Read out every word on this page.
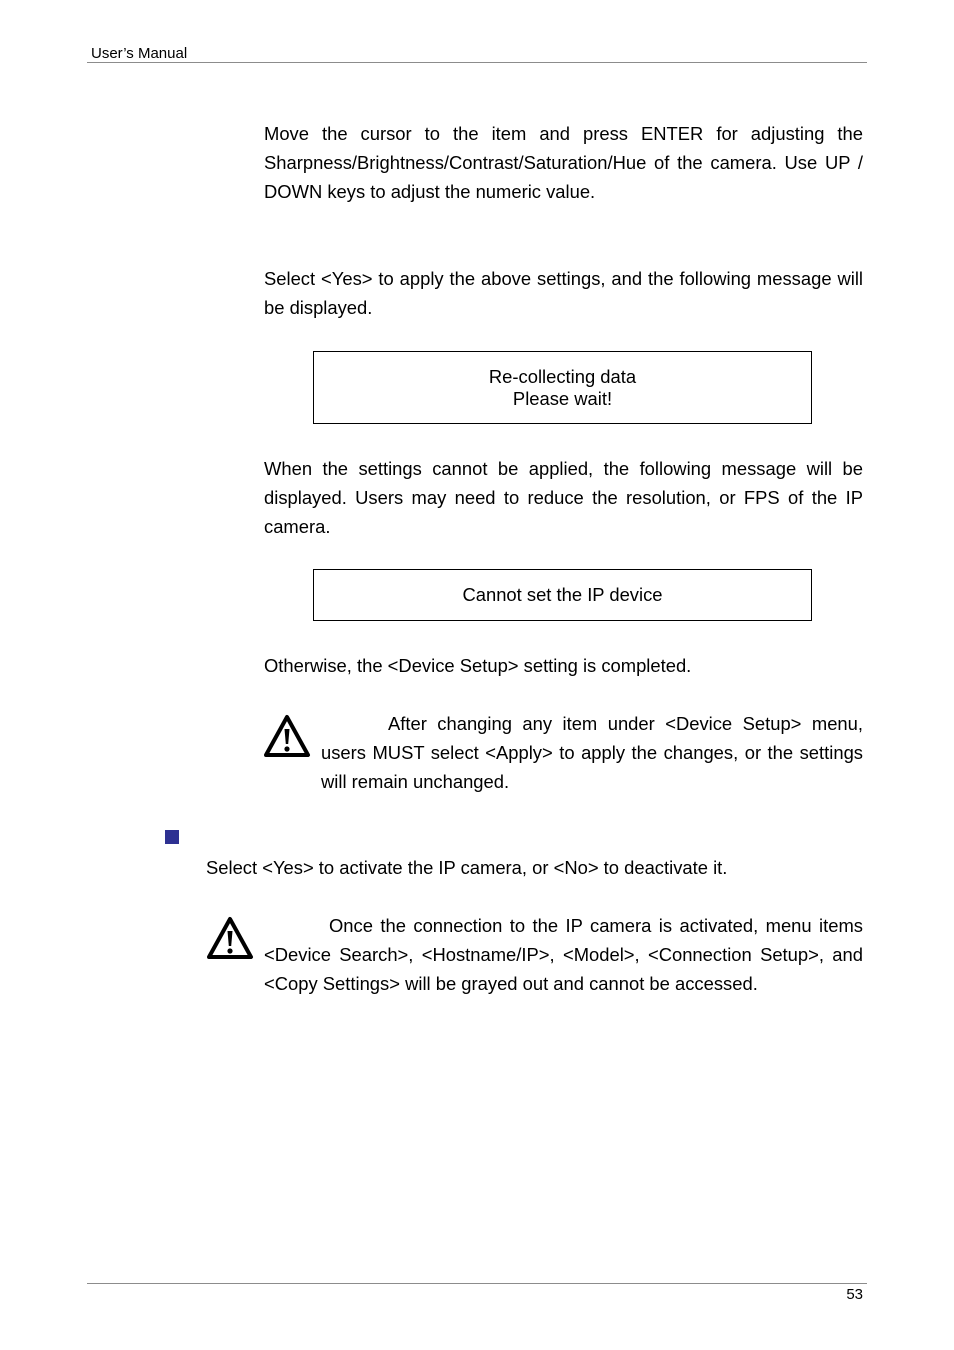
User’s Manual

Move the cursor to the item and press ENTER for adjusting the Sharpness/Brightness/Contrast/Saturation/Hue of the camera. Use UP / DOWN keys to adjust the numeric value.

Select <Yes> to apply the above settings, and the following message will be displayed.

Re-collecting data
Please wait!

When the settings cannot be applied, the following message will be displayed. Users may need to reduce the resolution, or FPS of the IP camera.

Cannot set the IP device

Otherwise, the <Device Setup> setting is completed.

After changing any item under <Device Setup> menu, users MUST select <Apply> to apply the changes, or the settings will remain unchanged.

Select <Yes> to activate the IP camera, or <No> to deactivate it.

Once the connection to the IP camera is activated, menu items <Device Search>, <Hostname/IP>, <Model>, <Connection Setup>, and <Copy Settings> will be grayed out and cannot be accessed.

53
